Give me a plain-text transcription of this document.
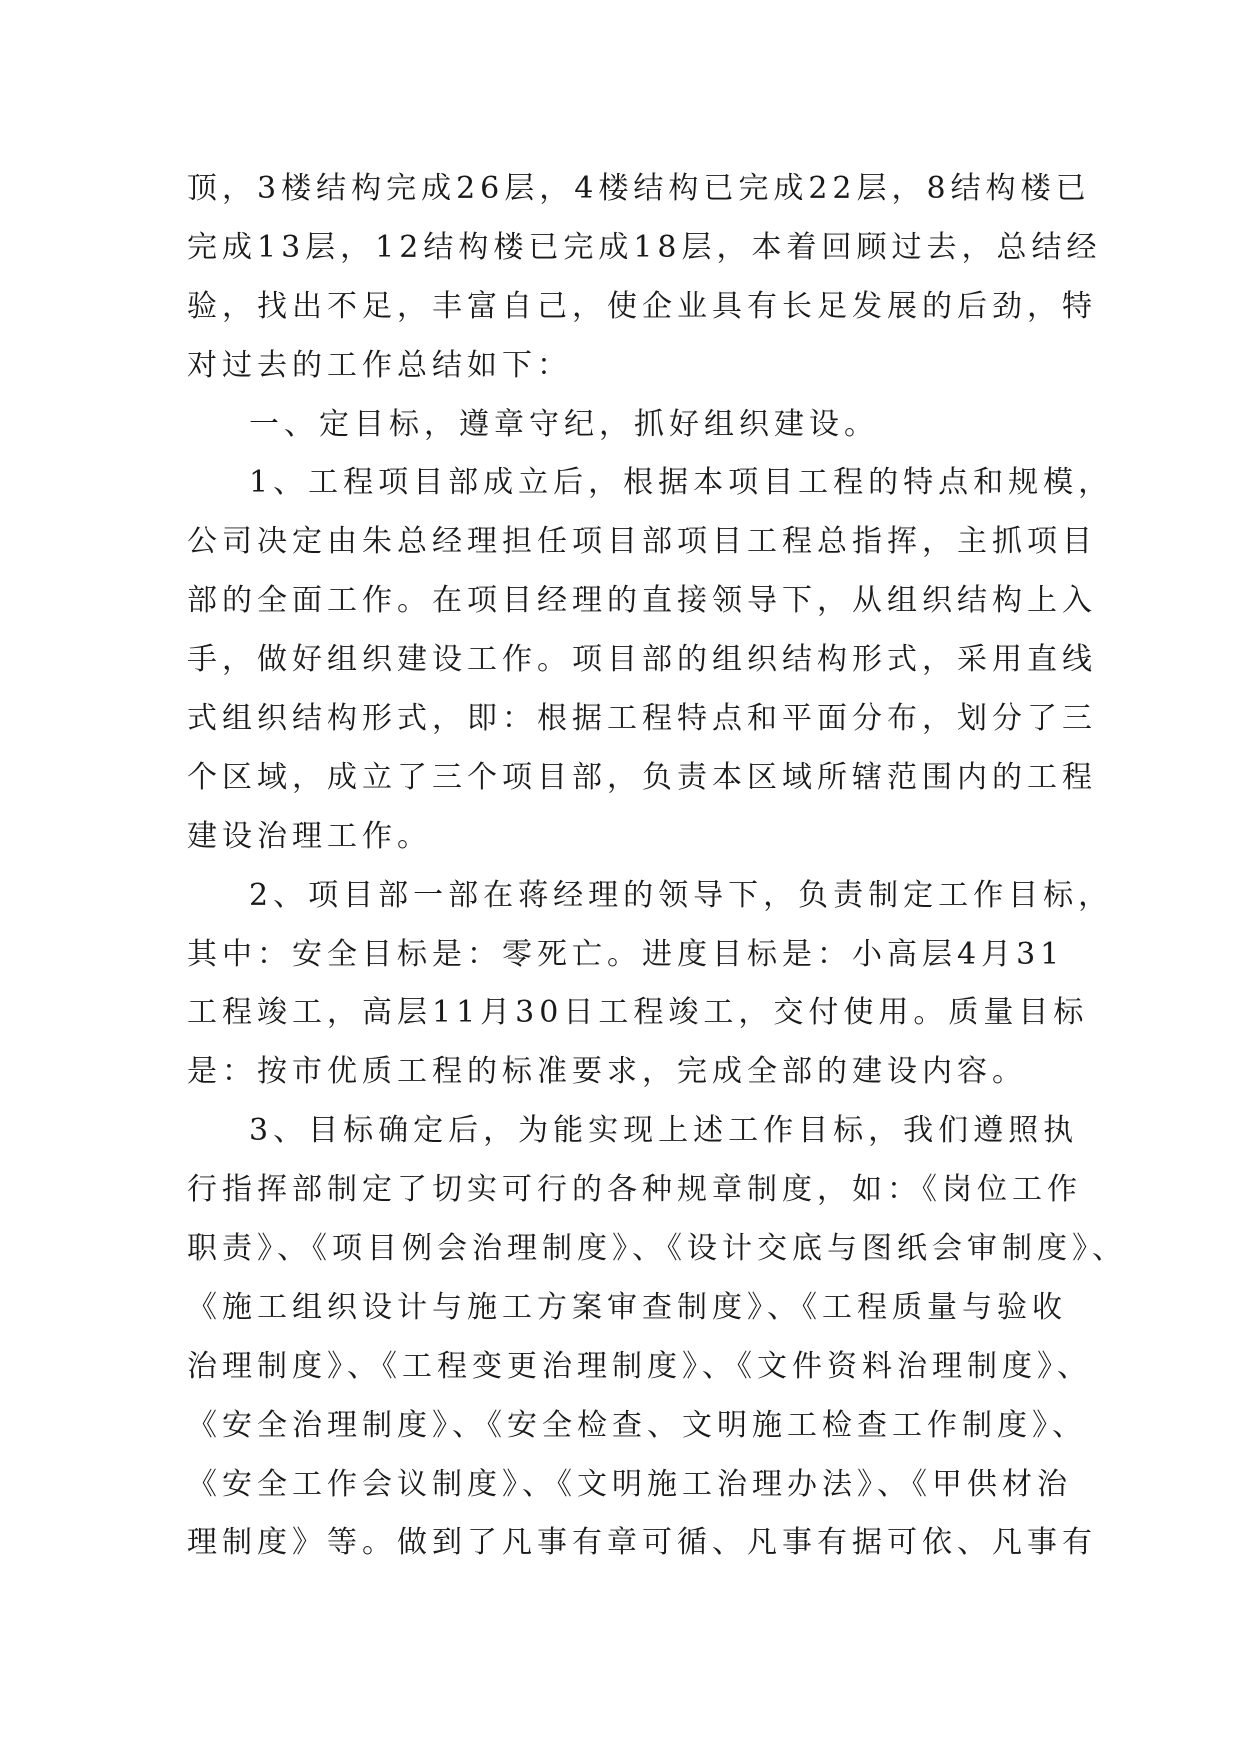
顶，3楼结构完成26层，4楼结构已完成22层，8结构楼已
完成13层，12结构楼已完成18层，本着回顾过去，总结经
验，找出不足，丰富自己，使企业具有长足发展的后劲，特
对过去的工作总结如下：
一、定目标，遵章守纪，抓好组织建设。
1、工程项目部成立后，根据本项目工程的特点和规模，
公司决定由朱总经理担任项目部项目工程总指挥，主抓项目
部的全面工作。在项目经理的直接领导下，从组织结构上入
手，做好组织建设工作。项目部的组织结构形式，采用直线
式组织结构形式，即：根据工程特点和平面分布，划分了三
个区域，成立了三个项目部，负责本区域所辖范围内的工程
建设治理工作。
2、项目部一部在蒋经理的领导下，负责制定工作目标，
其中：安全目标是：零死亡。进度目标是：小高层4月31
工程竣工，高层11月30日工程竣工，交付使用。质量目标
是：按市优质工程的标准要求，完成全部的建设内容。
3、目标确定后，为能实现上述工作目标，我们遵照执
行指挥部制定了切实可行的各种规章制度，如：《岗位工作
职责》、《项目例会治理制度》、《设计交底与图纸会审制度》、
《施工组织设计与施工方案审查制度》、《工程质量与验收
治理制度》、《工程变更治理制度》、《文件资料治理制度》、
《安全治理制度》、《安全检查、文明施工检查工作制度》、
《安全工作会议制度》、《文明施工治理办法》、《甲供材治
理制度》等。做到了凡事有章可循、凡事有据可依、凡事有
